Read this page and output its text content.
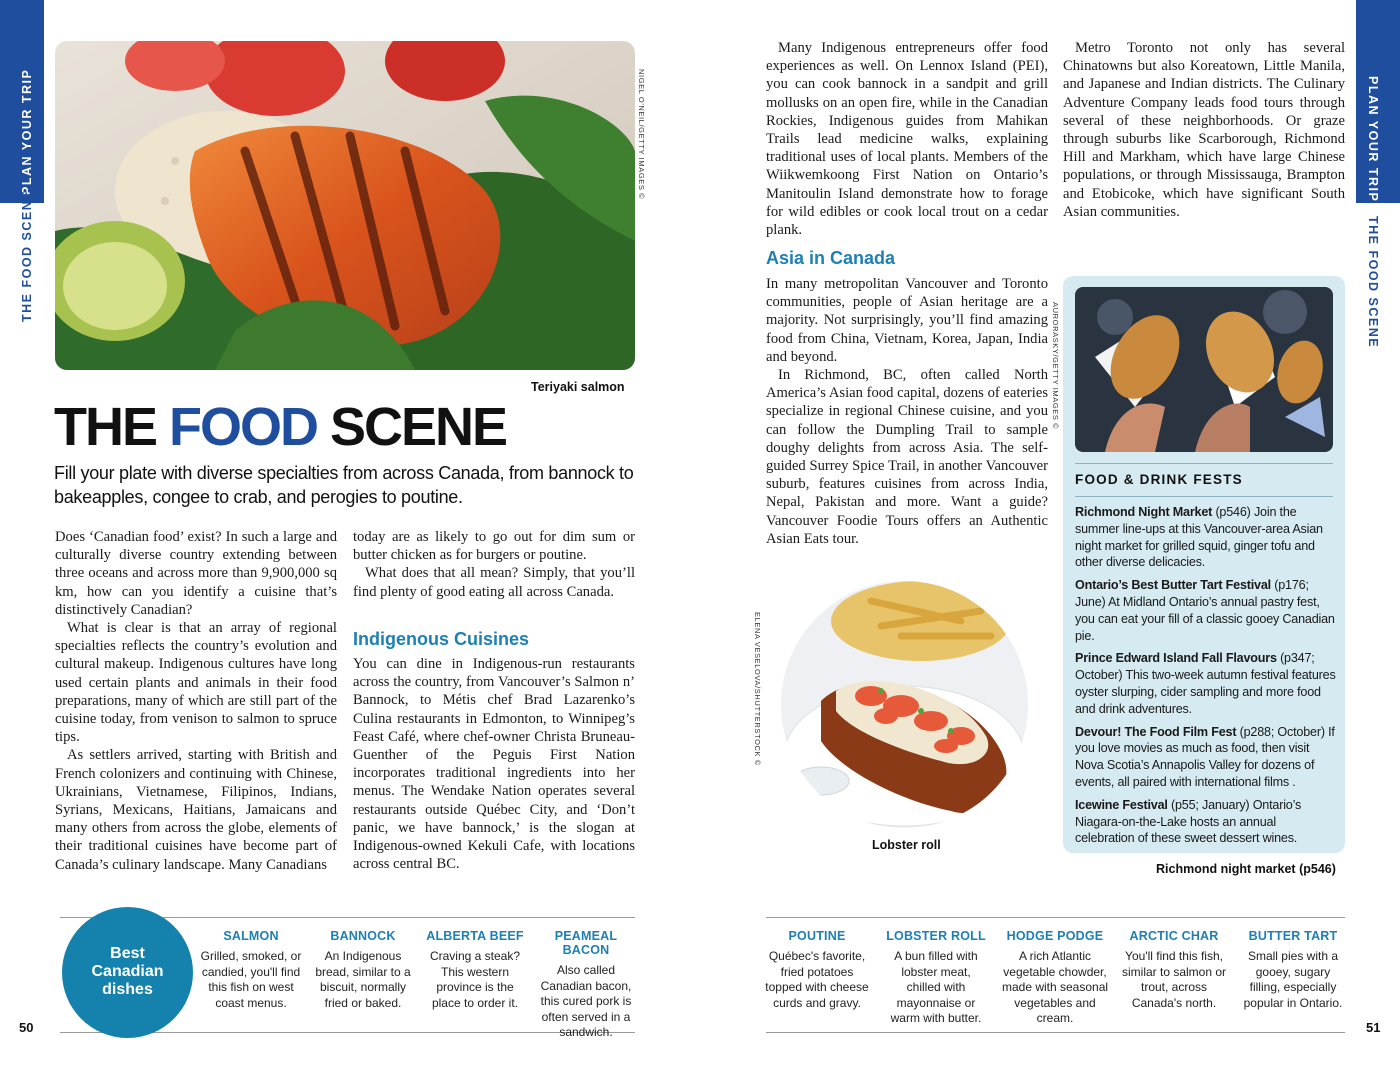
PLAN YOUR TRIP
THE FOOD SCENE
PLAN YOUR TRIP
THE FOOD SCENE
NIGEL O'NEIL/GETTY IMAGES ©
Teriyaki salmon
THE FOOD SCENE
Fill your plate with diverse specialties from across Canada, from bannock to bakeapples, congee to crab, and perogies to poutine.

Does ‘Canadian food’ exist? In such a large and culturally diverse country extending between three oceans and across more than 9,900,000 sq km, how can you identify a cuisine that’s distinctively Canadian?

What is clear is that an array of regional specialties reflects the country’s evolution and cultural makeup. Indigenous cultures have long used certain plants and animals in their food preparations, many of which are still part of the cuisine today, from venison to salmon to spruce tips.

As settlers arrived, starting with British and French colonizers and continuing with Chinese, Ukrainians, Vietnamese, Filipinos, Indians, Syrians, Mexicans, Haitians, Jamaicans and many others from across the globe, elements of their traditional cuisines have become part of Canada’s culinary landscape. Many Canadians

today are as likely to go out for dim sum or butter chicken as for burgers or poutine.

What does that all mean? Simply, that you’ll find plenty of good eating all across Canada.

Indigenous Cuisines

You can dine in Indigenous-run restaurants across the country, from Vancouver’s Salmon n’ Bannock, to Métis chef Brad Lazarenko’s Culina restaurants in Edmonton, to Winnipeg’s Feast Café, where chef-owner Christa Bruneau-Guenther of the Peguis First Nation incorporates traditional ingredients into her menus. The Wendake Nation operates several restaurants outside Québec City, and ‘Don’t panic, we have bannock,’ is the slogan at Indigenous-owned Kekuli Cafe, with locations across central BC.

Many Indigenous entrepreneurs offer food experiences as well. On Lennox Island (PEI), you can cook bannock in a sandpit and grill mollusks on an open fire, while in the Canadian Rockies, Indigenous guides from Mahikan Trails lead medicine walks, explaining traditional uses of local plants. Members of the Wiikwemkoong First Nation on Ontario’s Manitoulin Island demonstrate how to forage for wild edibles or cook local trout on a cedar plank.

Asia in Canada

In many metropolitan Vancouver and Toronto communities, people of Asian heritage are a majority. Not surprisingly, you’ll find amazing food from China, Vietnam, Korea, Japan, India and beyond.

In Richmond, BC, often called North America’s Asian food capital, dozens of eateries specialize in regional Chinese cuisine, and you can follow the Dumpling Trail to sample doughy delights from across Asia. The self-guided Surrey Spice Trail, in another Vancouver suburb, features cuisines from across India, Nepal, Pakistan and more. Want a guide? Vancouver Foodie Tours offers an Authentic Asian Eats tour.

Metro Toronto not only has several Chinatowns but also Koreatown, Little Manila, and Japanese and Indian districts. The Culinary Adventure Company leads food tours through several of these neighborhoods. Or graze through suburbs like Scarborough, Richmond Hill and Markham, which have large Chinese populations, or through Mississauga, Brampton and Etobicoke, which have significant South Asian communities.

ELENA VESELOVA/SHUTTERSTOCK ©
Lobster roll
AURORASKY/GETTY IMAGES ©
FOOD & DRINK FESTS
Richmond Night Market (p546) Join the summer line-ups at this Vancouver-area Asian night market for grilled squid, ginger tofu and other diverse delicacies.
Ontario’s Best Butter Tart Festival (p176; June) At Midland Ontario’s annual pastry fest, you can eat your fill of a classic gooey Canadian pie.
Prince Edward Island Fall Flavours (p347; October) This two-week autumn festival features oyster slurping, cider sampling and more food and drink adventures.
Devour! The Food Film Fest (p288; October) If you love movies as much as food, then visit Nova Scotia’s Annapolis Valley for dozens of events, all paired with international films .
Icewine Festival (p55; January) Ontario’s Niagara-on-the-Lake hosts an annual celebration of these sweet dessert wines.
Richmond night market (p546)
Best Canadian dishes
SALMON
Grilled, smoked, or candied, you'll find this fish on west coast menus.
BANNOCK
An Indigenous bread, similar to a biscuit, normally fried or baked.
ALBERTA BEEF
Craving a steak? This western province is the place to order it.
PEAMEAL BACON
Also called Canadian bacon, this cured pork is often served in a sandwich.
POUTINE
Québec's favorite, fried potatoes topped with cheese curds and gravy.
LOBSTER ROLL
A bun filled with lobster meat, chilled with mayonnaise or warm with butter.
HODGE PODGE
A rich Atlantic vegetable chowder, made with seasonal vegetables and cream.
ARCTIC CHAR
You'll find this fish, similar to salmon or trout, across Canada's north.
BUTTER TART
Small pies with a gooey, sugary filling, especially popular in Ontario.
50	51
